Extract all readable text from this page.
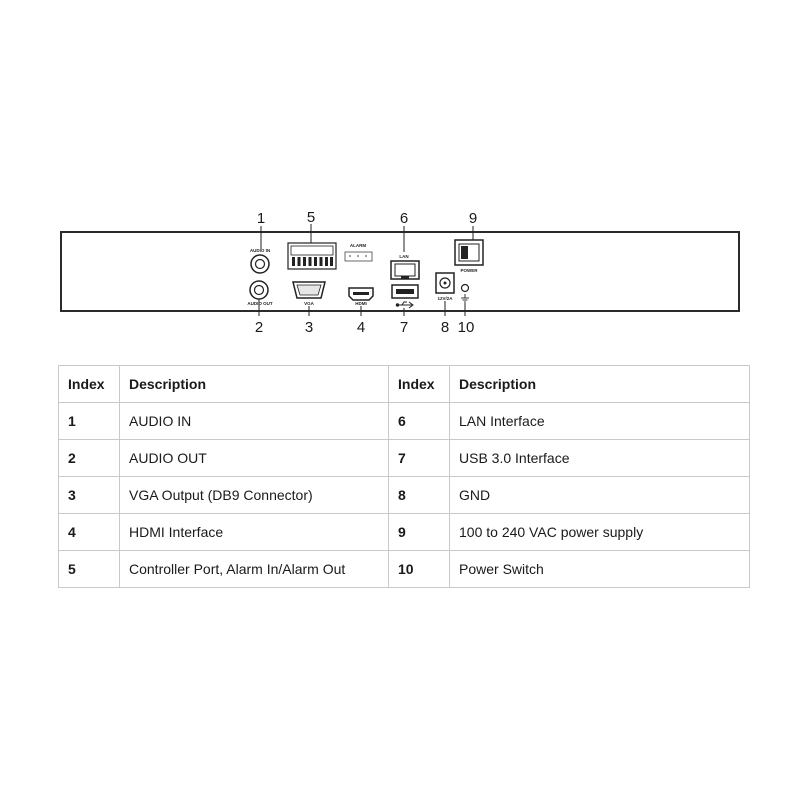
AUDIO IN
AUDIO OUT
ALARM
VGA	HDMI
LAN
12V/2A
POWER
1
2	3	4
5	6
7 8
9
10
Index	Description	Index	Description
1	AUDIO IN	6	LAN Interface
2	AUDIO OUT	7	USB 3.0 Interface
3	VGA Output (DB9 Connector)	8	GND
4	HDMI Interface	9	100 to 240 VAC power supply
5	Controller Port, Alarm In/Alarm Out	10	Power Switch
